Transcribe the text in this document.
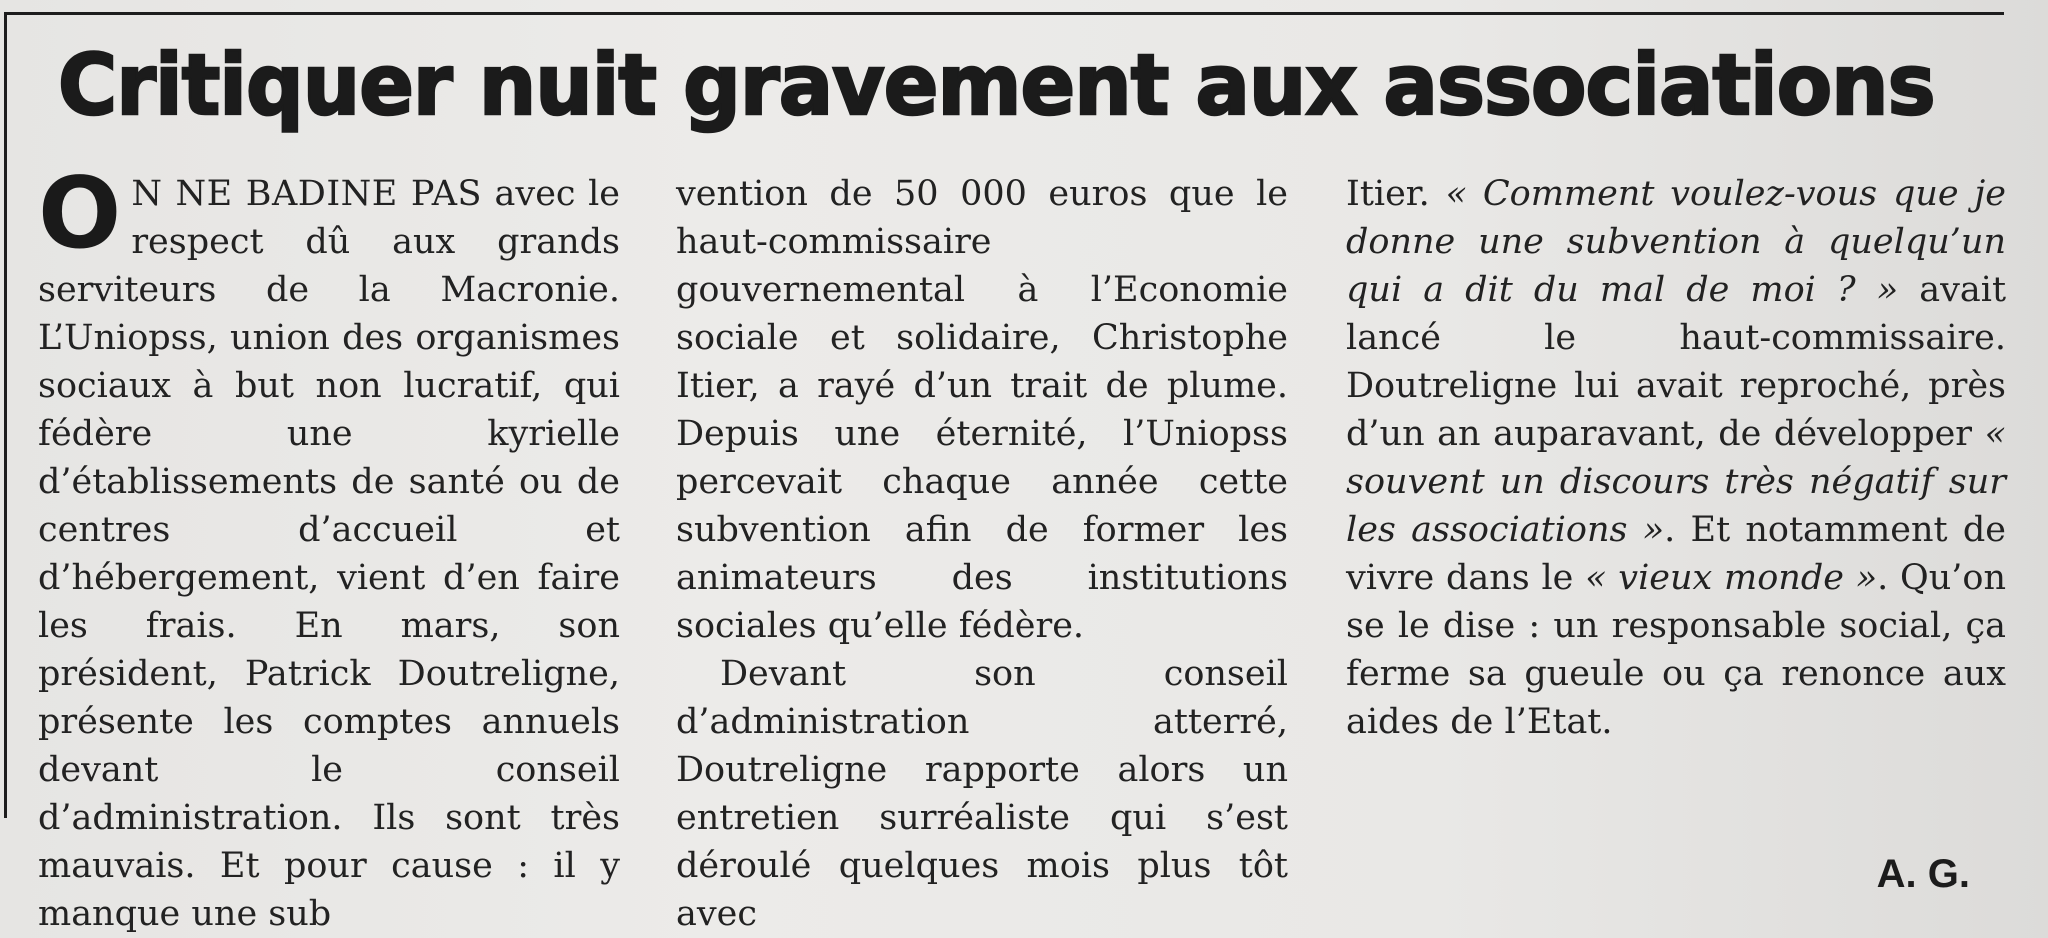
Critiquer nuit gravement aux associations

O N NE BADINE PAS avec le respect dû aux grands serviteurs de la Macronie. L’Uniopss, union des organismes sociaux à but non lucratif, qui fédère une kyrielle d’établissements de santé ou de centres d’accueil et d’hébergement, vient d’en faire les frais. En mars, son président, Patrick Doutreligne, présente les comptes annuels devant le conseil d’administration. Ils sont très mauvais. Et pour cause : il y manque une sub

vention de 50 000 euros que le haut-commissaire gouvernemental à l’Economie sociale et solidaire, Christophe Itier, a rayé d’un trait de plume. Depuis une éternité, l’Uniopss percevait chaque année cette subvention afin de former les animateurs des institutions sociales qu’elle fédère.

Devant son conseil d’administration atterré, Doutreligne rapporte alors un entretien surréaliste qui s’est déroulé quelques mois plus tôt avec

Itier. « Comment voulez-vous que je donne une subvention à quelqu’un qui a dit du mal de moi ? » avait lancé le haut-commissaire. Doutreligne lui avait reproché, près d’un an auparavant, de développer « souvent un discours très négatif sur les associations ». Et notamment de vivre dans le « vieux monde ». Qu’on se le dise : un responsable social, ça ferme sa gueule ou ça renonce aux aides de l’Etat.

A. G.
